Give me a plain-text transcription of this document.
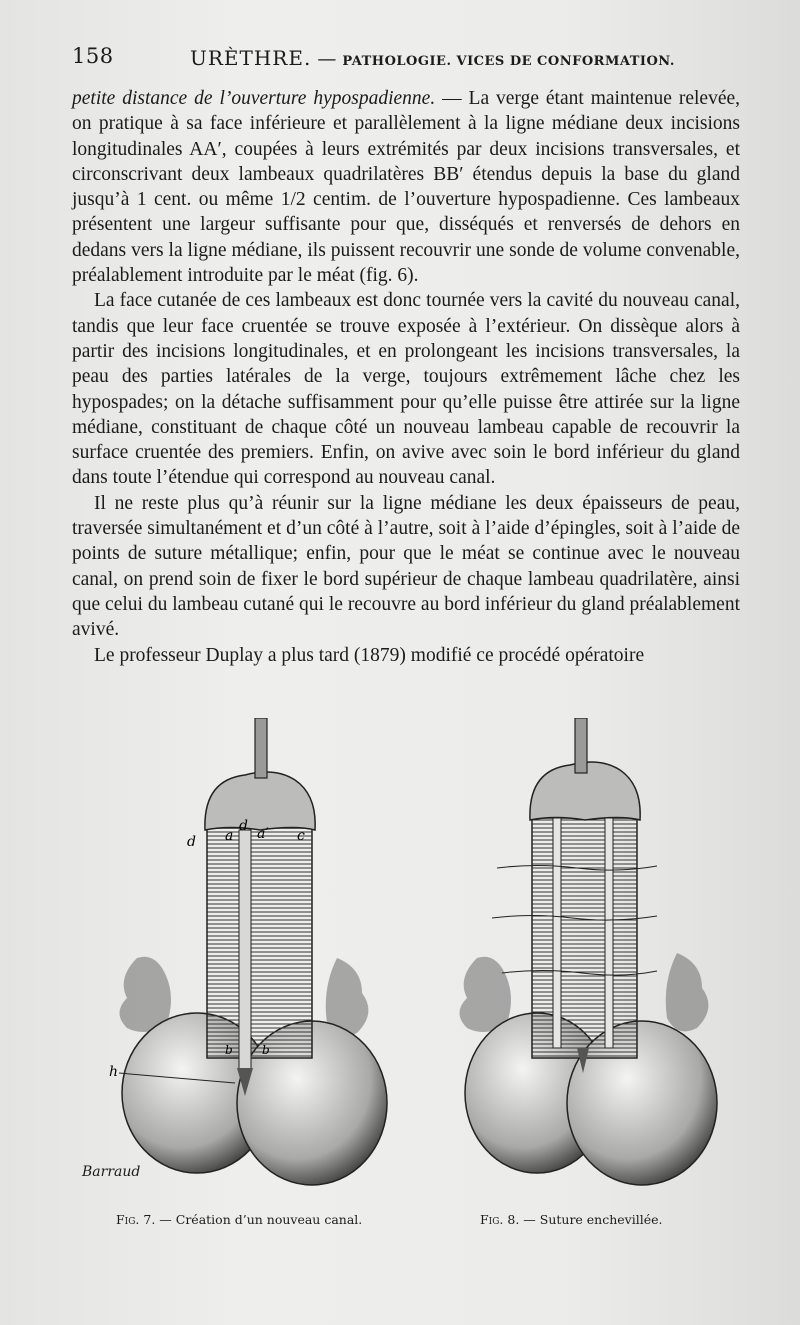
158	URÈTHRE. — PATHOLOGIE. VICES DE CONFORMATION.

petite distance de l’ouverture hypospadienne. — La verge étant maintenue relevée, on pratique à sa face inférieure et parallèlement à la ligne médiane deux incisions longitudinales AA′, coupées à leurs extrémités par deux incisions transversales, et circonscrivant deux lambeaux quadrilatères BB′ étendus depuis la base du gland jusqu’à 1 cent. ou même 1/2 centim. de l’ouverture hypospadienne. Ces lambeaux présentent une largeur suffisante pour que, disséqués et renversés de dehors en dedans vers la ligne médiane, ils puissent recouvrir une sonde de volume convenable, préalablement introduite par le méat (fig. 6).

La face cutanée de ces lambeaux est donc tournée vers la cavité du nouveau canal, tandis que leur face cruentée se trouve exposée à l’extérieur. On dissèque alors à partir des incisions longitudinales, et en prolongeant les incisions transversales, la peau des parties latérales de la verge, toujours extrêmement lâche chez les hypospades; on la détache suffisamment pour qu’elle puisse être attirée sur la ligne médiane, constituant de chaque côté un nouveau lambeau capable de recouvrir la surface cruentée des premiers. Enfin, on avive avec soin le bord inférieur du gland dans toute l’étendue qui correspond au nouveau canal.

Il ne reste plus qu’à réunir sur la ligne médiane les deux épaisseurs de peau, traversée simultanément et d’un côté à l’autre, soit à l’aide d’épingles, soit à l’aide de points de suture métallique; enfin, pour que le méat se continue avec le nouveau canal, on prend soin de fixer le bord supérieur de chaque lambeau quadrilatère, ainsi que celui du lambeau cutané qui le recouvre au bord inférieur du gland préalablement avivé.

Le professeur Duplay a plus tard (1879) modifié ce procédé opératoire

h
d a
d a′ c
b b
Barraud
Fig. 7. — Création d’un nouveau canal.	Fig. 8. — Suture enchevillée.
